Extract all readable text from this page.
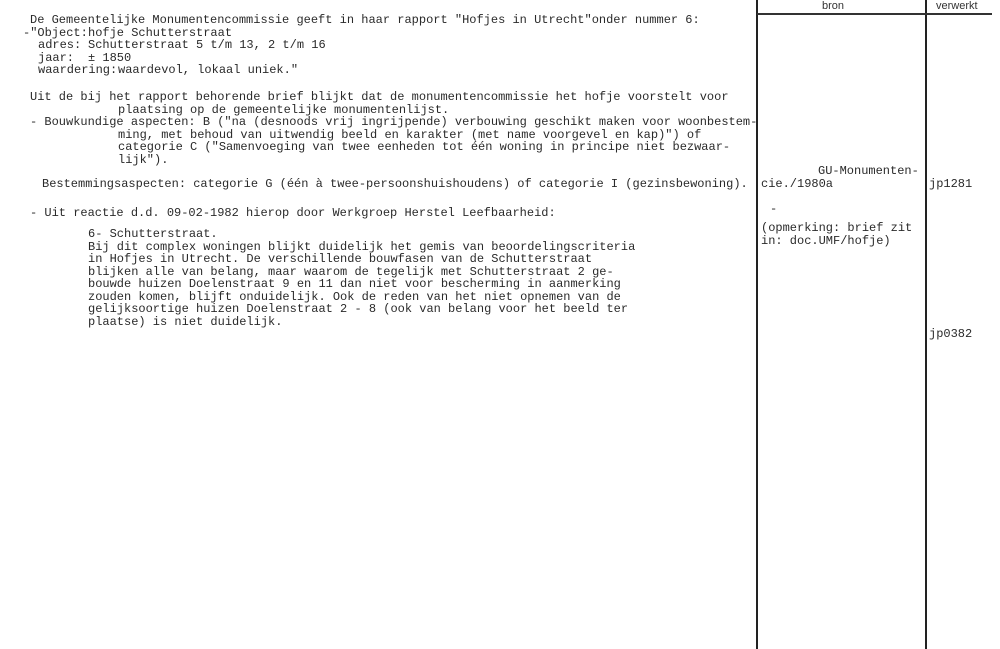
bron	verwerkt
De Gemeentelijke Monumentencommissie geeft in haar rapport "Hofjes in Utrecht"onder nummer 6:
-"Object: hofje Schutterstraat
adres: Schutterstraat 5 t/m 13, 2 t/m 16
jaar: ± 1850
waardering: waardevol, lokaal uniek."
Uit de bij het rapport behorende brief blijkt dat de monumentencommissie het hofje voorstelt voor
plaatsing op de gemeentelijke monumentenlijst.
- Bouwkundige aspecten: B ("na (desnoods vrij ingrijpende) verbouwing geschikt maken voor woonbestem-
ming, met behoud van uitwendig beeld en karakter (met name voorgevel en kap)") of
categorie C ("Samenvoeging van twee eenheden tot één woning in principe niet bezwaar-
lijk").
Bestemmingsaspecten: categorie G (één à twee-persoonshuishoudens) of categorie I (gezinsbewoning).
- Uit reactie d.d. 09-02-1982 hierop door Werkgroep Herstel Leefbaarheid:
6- Schutterstraat.
Bij dit complex woningen blijkt duidelijk het gemis van beoordelingscriteria
in Hofjes in Utrecht. De verschillende bouwfasen van de Schutterstraat
blijken alle van belang, maar waarom de tegelijk met Schutterstraat 2 ge-
bouwde huizen Doelenstraat 9 en 11 dan niet voor bescherming in aanmerking
zouden komen, blijft onduidelijk. Ook de reden van het niet opnemen van de
gelijksoortige huizen Doelenstraat 2 - 8 (ook van belang voor het beeld ter
plaatse) is niet duidelijk.
GU-Monumenten-
cie./1980a
-
(opmerking: brief zit
in: doc.UMF/hofje)
jp1281
jp0382
